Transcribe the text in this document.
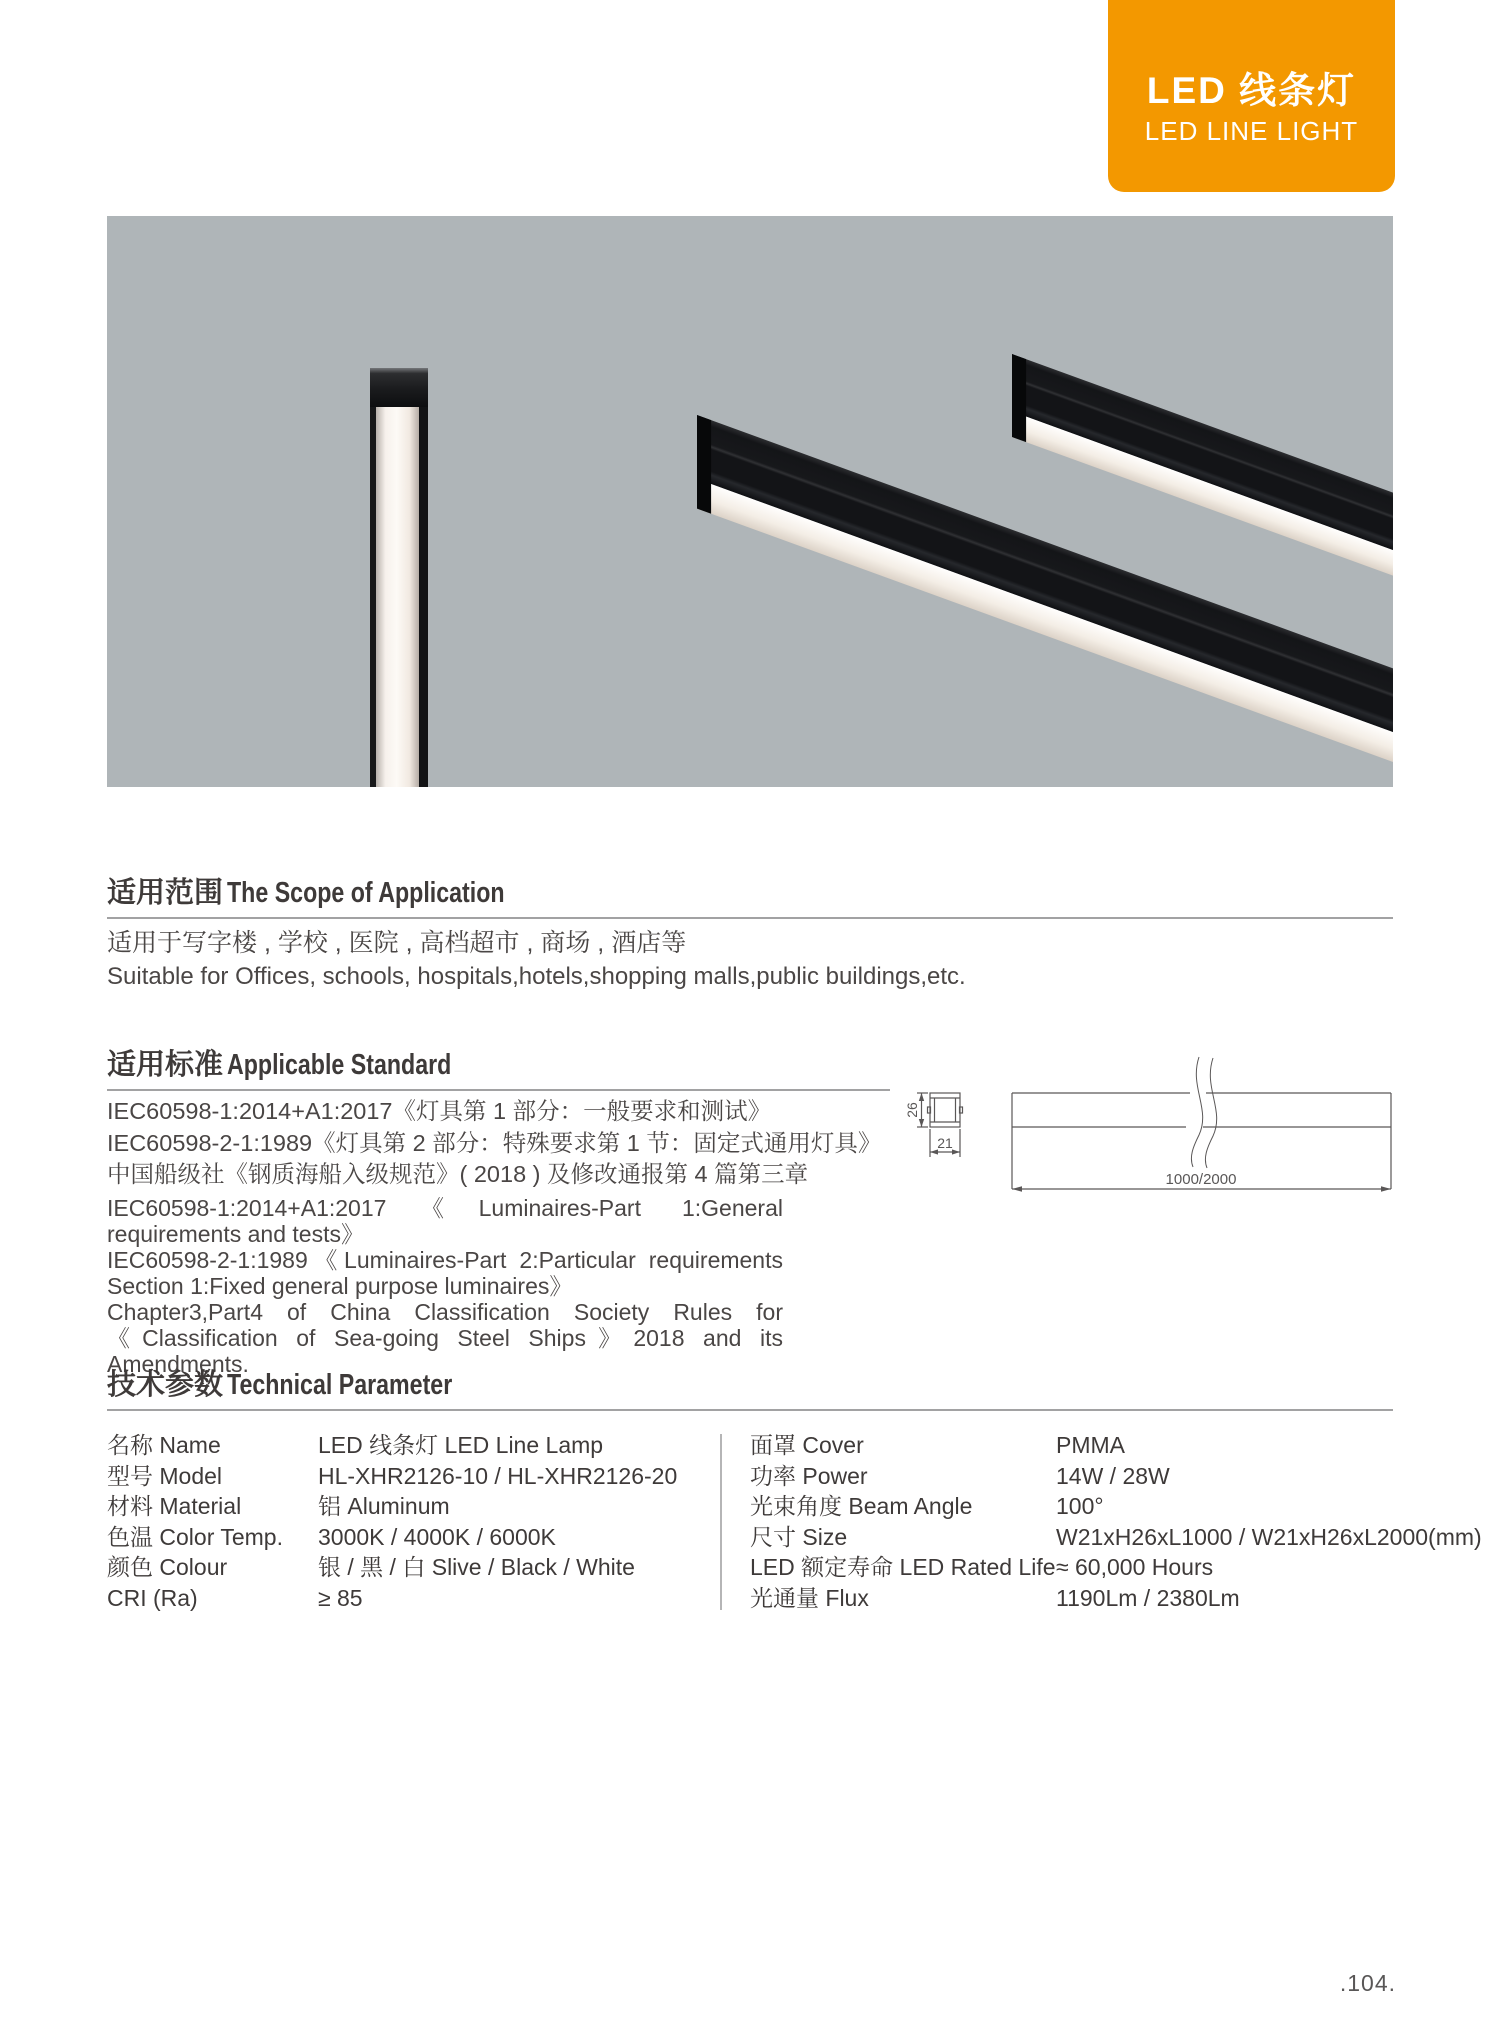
LED 线条灯
LED LINE LIGHT
适用范围 The Scope of Application

适用于写字楼 , 学校 , 医院 , 高档超市 , 商场 , 酒店等

Suitable for Offices, schools, hospitals,hotels,shopping malls,public buildings,etc.

适用标准 Applicable Standard
IEC60598-1:2014+A1:2017《灯具第 1 部分：一般要求和测试》
IEC60598-2-1:1989《灯具第 2 部分：特殊要求第 1 节：固定式通用灯具》
中国船级社《钢质海船入级规范》( 2018 ) 及修改通报第 4 篇第三章

IEC60598-1:2014+A1:2017《Luminaires-Part 1:General requirements and tests》

IEC60598-2-1:1989《Luminaires-Part 2:Particular requirements Section 1:Fixed general purpose luminaires》

Chapter3,Part4 of China Classification Society Rules for《Classification of Sea-going Steel Ships》2018 and its Amendments.

26
21
1000/2000
技术参数 Technical Parameter
名称 Name	LED 线条灯 LED Line Lamp
型号 Model	HL-XHR2126-10 / HL-XHR2126-20
材料 Material	铝 Aluminum
色温 Color Temp.	3000K / 4000K / 6000K
颜色 Colour	银 / 黑 / 白 Slive / Black / White
CRI (Ra)	≥ 85
面罩 Cover	PMMA
功率 Power	14W / 28W
光束角度 Beam Angle	100°
尺寸 Size	W21xH26xL1000 / W21xH26xL2000(mm)
LED 额定寿命 LED Rated Life ≈ 60,000 Hours
光通量 Flux	1190Lm / 2380Lm
.104.
